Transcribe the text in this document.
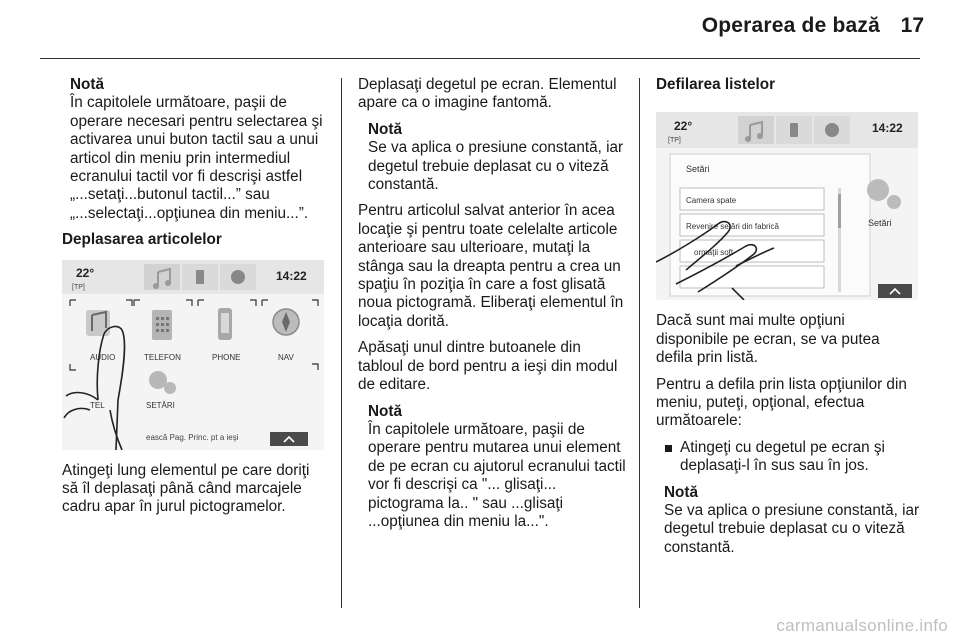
Operarea de bază 17
Notă
În capitolele următoare, paşii de operare necesari pentru selectarea şi activarea unui buton tactil sau a unui articol din meniu prin intermediul ecranului tactil vor fi descrişi astfel „...setaţi...butonul tactil...” sau „...selectaţi...opţiunea din meniu...”.
Deplasarea articolelor
22°
[TP]
14:22
AUDIO	TELEFON	PHONE	NAV
TEL	SETĂRI
ească Pag. Princ. pt a ieşi

Atingeţi lung elementul pe care doriţi să îl deplasaţi până când marcajele cadru apar în jurul pictogramelor.

Deplasaţi degetul pe ecran. Elementul apare ca o imagine fantomă.

Notă
Se va aplica o presiune constantă, iar degetul trebuie deplasat cu o viteză constantă.

Pentru articolul salvat anterior în acea locaţie şi pentru toate celelalte articole anterioare sau ulterioare, mutaţi la stânga sau la dreapta pentru a crea un spaţiu în poziţia în care a fost glisată noua pictogramă. Eliberaţi elementul în locaţia dorită.

Apăsaţi unul dintre butoanele din tabloul de bord pentru a ieşi din modul de editare.

Notă
În capitolele următoare, paşii de operare pentru mutarea unui element de pe ecran cu ajutorul ecranului tactil vor fi descrişi ca "... glisaţi... pictograma la.. " sau ...glisaţi ...opţiunea din meniu la...".
Defilarea listelor
22°
[TP]
14:22
Setări
Camera spate
Revenire setări din fabrică
ormaţii soft
Setări

Dacă sunt mai multe opţiuni disponibile pe ecran, se va putea defila prin listă.

Pentru a defila prin lista opţiunilor din meniu, puteţi, opţional, efectua următoarele:

Atingeţi cu degetul pe ecran şi deplasaţi-l în sus sau în jos.
Notă
Se va aplica o presiune constantă, iar degetul trebuie deplasat cu o viteză constantă.
carmanualsonline.info
